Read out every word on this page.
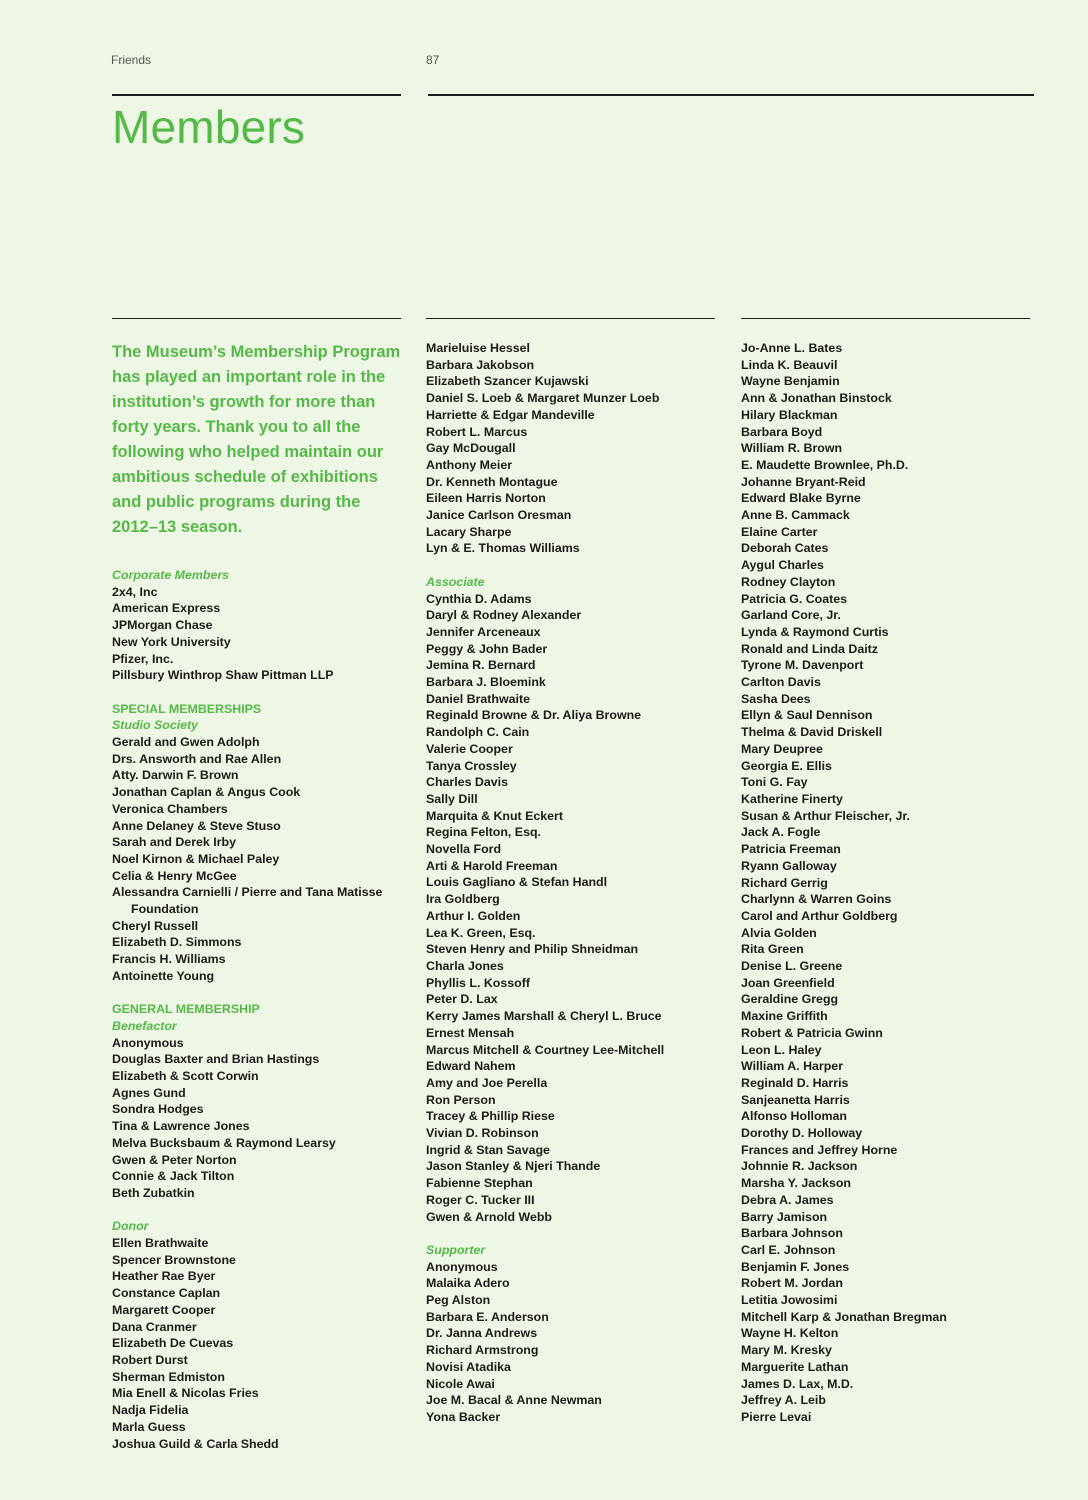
Friends	87
Members

The Museum’s Membership Program has played an important role in the institution’s growth for more than forty years. Thank you to all the following who helped maintain our ambitious schedule of exhibitions and public programs during the 2012–13 season.

Corporate Members
2x4, Inc
American Express
JPMorgan Chase
New York University
Pfizer, Inc.
Pillsbury Winthrop Shaw Pittman LLP
SPECIAL MEMBERSHIPS
Studio Society
Gerald and Gwen Adolph
Drs. Answorth and Rae Allen
Atty. Darwin F. Brown
Jonathan Caplan & Angus Cook
Veronica Chambers
Anne Delaney & Steve Stuso
Sarah and Derek Irby
Noel Kirnon & Michael Paley
Celia & Henry McGee
Alessandra Carnielli / Pierre and Tana Matisse Foundation
Cheryl Russell
Elizabeth D. Simmons
Francis H. Williams
Antoinette Young
GENERAL MEMBERSHIP
Benefactor
Anonymous
Douglas Baxter and Brian Hastings
Elizabeth & Scott Corwin
Agnes Gund
Sondra Hodges
Tina & Lawrence Jones
Melva Bucksbaum & Raymond Learsy
Gwen & Peter Norton
Connie & Jack Tilton
Beth Zubatkin
Donor
Ellen Brathwaite
Spencer Brownstone
Heather Rae Byer
Constance Caplan
Margarett Cooper
Dana Cranmer
Elizabeth De Cuevas
Robert Durst
Sherman Edmiston
Mia Enell & Nicolas Fries
Nadja Fidelia
Marla Guess
Joshua Guild & Carla Shedd
Marieluise Hessel
Barbara Jakobson
Elizabeth Szancer Kujawski
Daniel S. Loeb & Margaret Munzer Loeb
Harriette & Edgar Mandeville
Robert L. Marcus
Gay McDougall
Anthony Meier
Dr. Kenneth Montague
Eileen Harris Norton
Janice Carlson Oresman
Lacary Sharpe
Lyn & E. Thomas Williams
Associate
Cynthia D. Adams
Daryl & Rodney Alexander
Jennifer Arceneaux
Peggy & John Bader
Jemina R. Bernard
Barbara J. Bloemink
Daniel Brathwaite
Reginald Browne & Dr. Aliya Browne
Randolph C. Cain
Valerie Cooper
Tanya Crossley
Charles Davis
Sally Dill
Marquita & Knut Eckert
Regina Felton, Esq.
Novella Ford
Arti & Harold Freeman
Louis Gagliano & Stefan Handl
Ira Goldberg
Arthur I. Golden
Lea K. Green, Esq.
Steven Henry and Philip Shneidman
Charla Jones
Phyllis L. Kossoff
Peter D. Lax
Kerry James Marshall & Cheryl L. Bruce
Ernest Mensah
Marcus Mitchell & Courtney Lee-Mitchell
Edward Nahem
Amy and Joe Perella
Ron Person
Tracey & Phillip Riese
Vivian D. Robinson
Ingrid & Stan Savage
Jason Stanley & Njeri Thande
Fabienne Stephan
Roger C. Tucker III
Gwen & Arnold Webb
Supporter
Anonymous
Malaika Adero
Peg Alston
Barbara E. Anderson
Dr. Janna Andrews
Richard Armstrong
Novisi Atadika
Nicole Awai
Joe M. Bacal & Anne Newman
Yona Backer
Jo-Anne L. Bates
Linda K. Beauvil
Wayne Benjamin
Ann & Jonathan Binstock
Hilary Blackman
Barbara Boyd
William R. Brown
E. Maudette Brownlee, Ph.D.
Johanne Bryant-Reid
Edward Blake Byrne
Anne B. Cammack
Elaine Carter
Deborah Cates
Aygul Charles
Rodney Clayton
Patricia G. Coates
Garland Core, Jr.
Lynda & Raymond Curtis
Ronald and Linda Daitz
Tyrone M. Davenport
Carlton Davis
Sasha Dees
Ellyn & Saul Dennison
Thelma & David Driskell
Mary Deupree
Georgia E. Ellis
Toni G. Fay
Katherine Finerty
Susan & Arthur Fleischer, Jr.
Jack A. Fogle
Patricia Freeman
Ryann Galloway
Richard Gerrig
Charlynn & Warren Goins
Carol and Arthur Goldberg
Alvia Golden
Rita Green
Denise L. Greene
Joan Greenfield
Geraldine Gregg
Maxine Griffith
Robert & Patricia Gwinn
Leon L. Haley
William A. Harper
Reginald D. Harris
Sanjeanetta Harris
Alfonso Holloman
Dorothy D. Holloway
Frances and Jeffrey Horne
Johnnie R. Jackson
Marsha Y. Jackson
Debra A. James
Barry Jamison
Barbara Johnson
Carl E. Johnson
Benjamin F. Jones
Robert M. Jordan
Letitia Jowosimi
Mitchell Karp & Jonathan Bregman
Wayne H. Kelton
Mary M. Kresky
Marguerite Lathan
James D. Lax, M.D.
Jeffrey A. Leib
Pierre Levai
